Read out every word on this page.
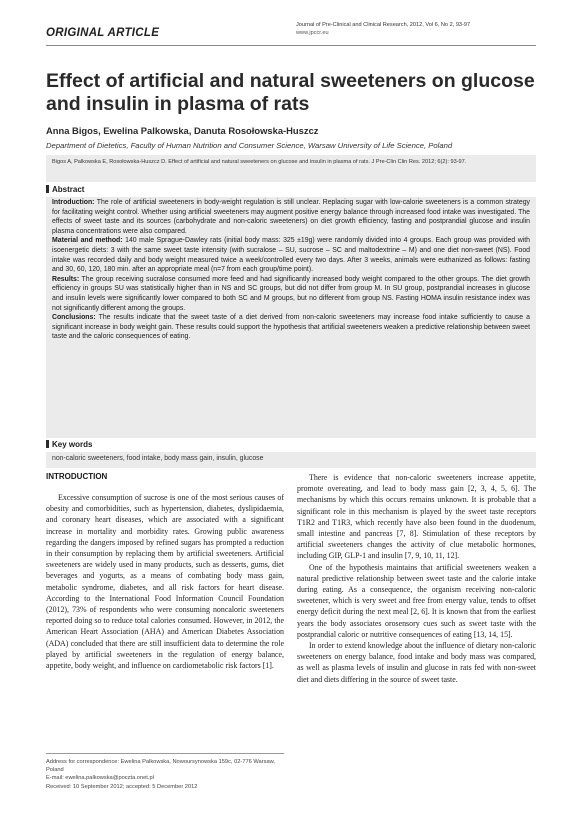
ORIGINAL ARTICLE
Journal of Pre-Clinical and Clinical Research, 2012, Vol 6, No 2, 93-97
www.jpccr.eu
Effect of artificial and natural sweeteners on glucose and insulin in plasma of rats
Anna Bigos, Ewelina Palkowska, Danuta Rosołowska-Huszcz
Department of Dietetics, Faculty of Human Nutrition and Consumer Science, Warsaw University of Life Science, Poland
Bigos A, Palkowska E, Rosołowska-Huszcz D. Effect of artificial and natural sweeteners on glucose and insulin in plasma of rats. J Pre-Clin Clin Res. 2012; 6(2): 93-97.
Abstract

Introduction: The role of artificial sweeteners in body-weight regulation is still unclear. Replacing sugar with low-calorie sweeteners is a common strategy for facilitating weight control. Whether using artificial sweeteners may augment positive energy balance through increased food intake was investigated. The effects of sweet taste and its sources (carbohydrate and non-caloric sweeteners) on diet growth efficiency, fasting and postprandial glucose and insulin plasma concentrations were also compared.

Material and method: 140 male Sprague-Dawley rats (initial body mass: 325 ±19g) were randomly divided into 4 groups. Each group was provided with isoenergetic diets: 3 with the same sweet taste intensity (with sucralose – SU, sucrose – SC and maltodextrine – M) and one diet non-sweet (NS). Food intake was recorded daily and body weight measured twice a week/controlled every two days. After 3 weeks, animals were euthanized as follows: fasting and 30, 60, 120, 180 min. after an appropriate meal (n=7 from each group/time point).

Results: The group receiving sucralose consumed more feed and had significantly increased body weight compared to the other groups. The diet growth efficiency in groups SU was statistically higher than in NS and SC groups, but did not differ from group M. In SU group, postprandial increases in glucose and insulin levels were significantly lower compared to both SC and M groups, but no different from group NS. Fasting HOMA insulin resistance index was not significantly different among the groups.

Conclusions: The results indicate that the sweet taste of a diet derived from non-caloric sweeteners may increase food intake sufficiently to cause a significant increase in body weight gain. These results could support the hypothesis that artificial sweeteners weaken a predictive relationship between sweet taste and the caloric consequences of eating.

Key words
non-caloric sweeteners, food intake, body mass gain, insulin, glucose
INTRODUCTION

Excessive consumption of sucrose is one of the most serious causes of obesity and comorbidities, such as hypertension, diabetes, dyslipidaemia, and coronary heart diseases, which are associated with a significant increase in mortality and morbidity rates. Growing public awareness regarding the dangers imposed by refined sugars has prompted a reduction in their consumption by replacing them by artificial sweeteners. Artificial sweeteners are widely used in many products, such as desserts, gums, diet beverages and yogurts, as a means of combating body mass gain, metabolic syndrome, diabetes, and all risk factors for heart disease. According to the International Food Information Council Foundation (2012), 73% of respondents who were consuming noncaloric sweeteners reported doing so to reduce total calories consumed. However, in 2012, the American Heart Association (AHA) and American Diabetes Association (ADA) concluded that there are still insufficient data to determine the role played by artificial sweeteners in the regulation of energy balance, appetite, body weight, and influence on cardiometabolic risk factors [1].

There is evidence that non-caloric sweeteners increase appetite, promote overeating, and lead to body mass gain [2, 3, 4, 5, 6]. The mechanisms by which this occurs remains unknown. It is probable that a significant role in this mechanism is played by the sweet taste receptors T1R2 and T1R3, which recently have also been found in the duodenum, small intestine and pancreas [7, 8]. Stimulation of these receptors by artificial sweeteners changes the activity of clue metabolic hormones, including GIP, GLP-1 and insulin [7, 9, 10, 11, 12].

One of the hypothesis maintains that artificial sweeteners weaken a natural predictive relationship between sweet taste and the calorie intake during eating. As a consequence, the organism receiving non-caloric sweetener, which is very sweet and free from energy value, tends to offset energy deficit during the next meal [2, 6]. It is known that from the earliest years the body associates orosensory cues such as sweet taste with the postprandial caloric or nutritive consequences of eating [13, 14, 15].

In order to extend knowledge about the influence of dietary non-caloric sweeteners on energy balance, food intake and body mass was compared, as well as plasma levels of insulin and glucose in rats fed with non-sweet diet and diets differing in the source of sweet taste.

Address for correspondence: Ewelina Palkowska, Nowoursynowska 159c, 02-776 Warsaw, Poland
E-mail: ewelina.palkowska@poczta.onet.pl
Received: 10 September 2012; accepted: 5 December 2012
